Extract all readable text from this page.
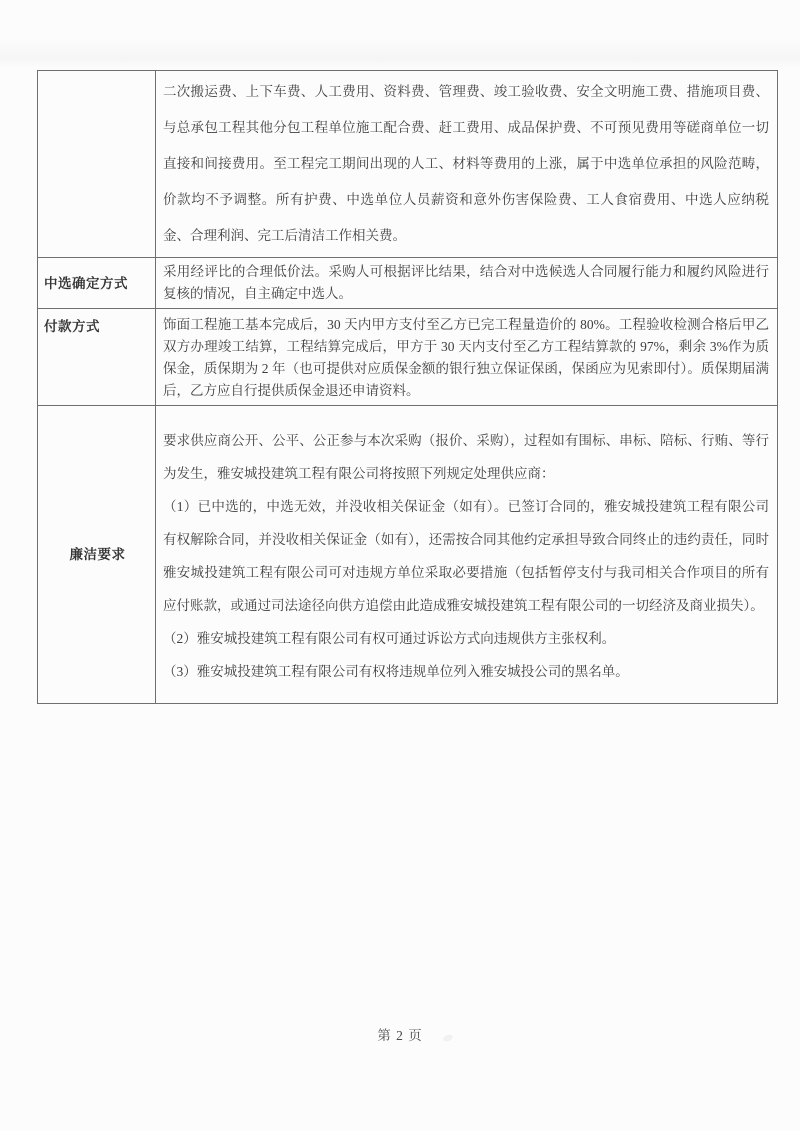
	二次搬运费、上下车费、人工费用、资料费、管理费、竣工验收费、安全文明施工费、措施项目费、与总承包工程其他分包工程单位施工配合费、赶工费用、成品保护费、不可预见费用等磋商单位一切直接和间接费用。至工程完工期间出现的人工、材料等费用的上涨，属于中选单位承担的风险范畴，价款均不予调整。所有护费、中选单位人员薪资和意外伤害保险费、工人食宿费用、中选人应纳税金、合理利润、完工后清洁工作相关费。

中选确定方式	采用经评比的合理低价法。采购人可根据评比结果，结合对中选候选人合同履行能力和履约风险进行复核的情况，自主确定中选人。

付款方式	饰面工程施工基本完成后，30 天内甲方支付至乙方已完工程量造价的 80%。工程验收检测合格后甲乙双方办理竣工结算，工程结算完成后，甲方于 30 天内支付至乙方工程结算款的 97%，剩余 3%作为质保金，质保期为 2 年（也可提供对应质保金额的银行独立保证保函，保函应为见索即付）。质保期届满后，乙方应自行提供质保金退还申请资料。

廉洁要求	要求供应商公开、公平、公正参与本次采购（报价、采购），过程如有围标、串标、陪标、行贿、等行为发生，雅安城投建筑工程有限公司将按照下列规定处理供应商：

（1）已中选的，中选无效，并没收相关保证金（如有）。已签订合同的，雅安城投建筑工程有限公司有权解除合同，并没收相关保证金（如有），还需按合同其他约定承担导致合同终止的违约责任，同时雅安城投建筑工程有限公司可对违规方单位采取必要措施（包括暂停支付与我司相关合作项目的所有应付账款，或通过司法途径向供方追偿由此造成雅安城投建筑工程有限公司的一切经济及商业损失）。

（2）雅安城投建筑工程有限公司有权可通过诉讼方式向违规供方主张权利。

（3）雅安城投建筑工程有限公司有权将违规单位列入雅安城投公司的黑名单。

第 2 页
